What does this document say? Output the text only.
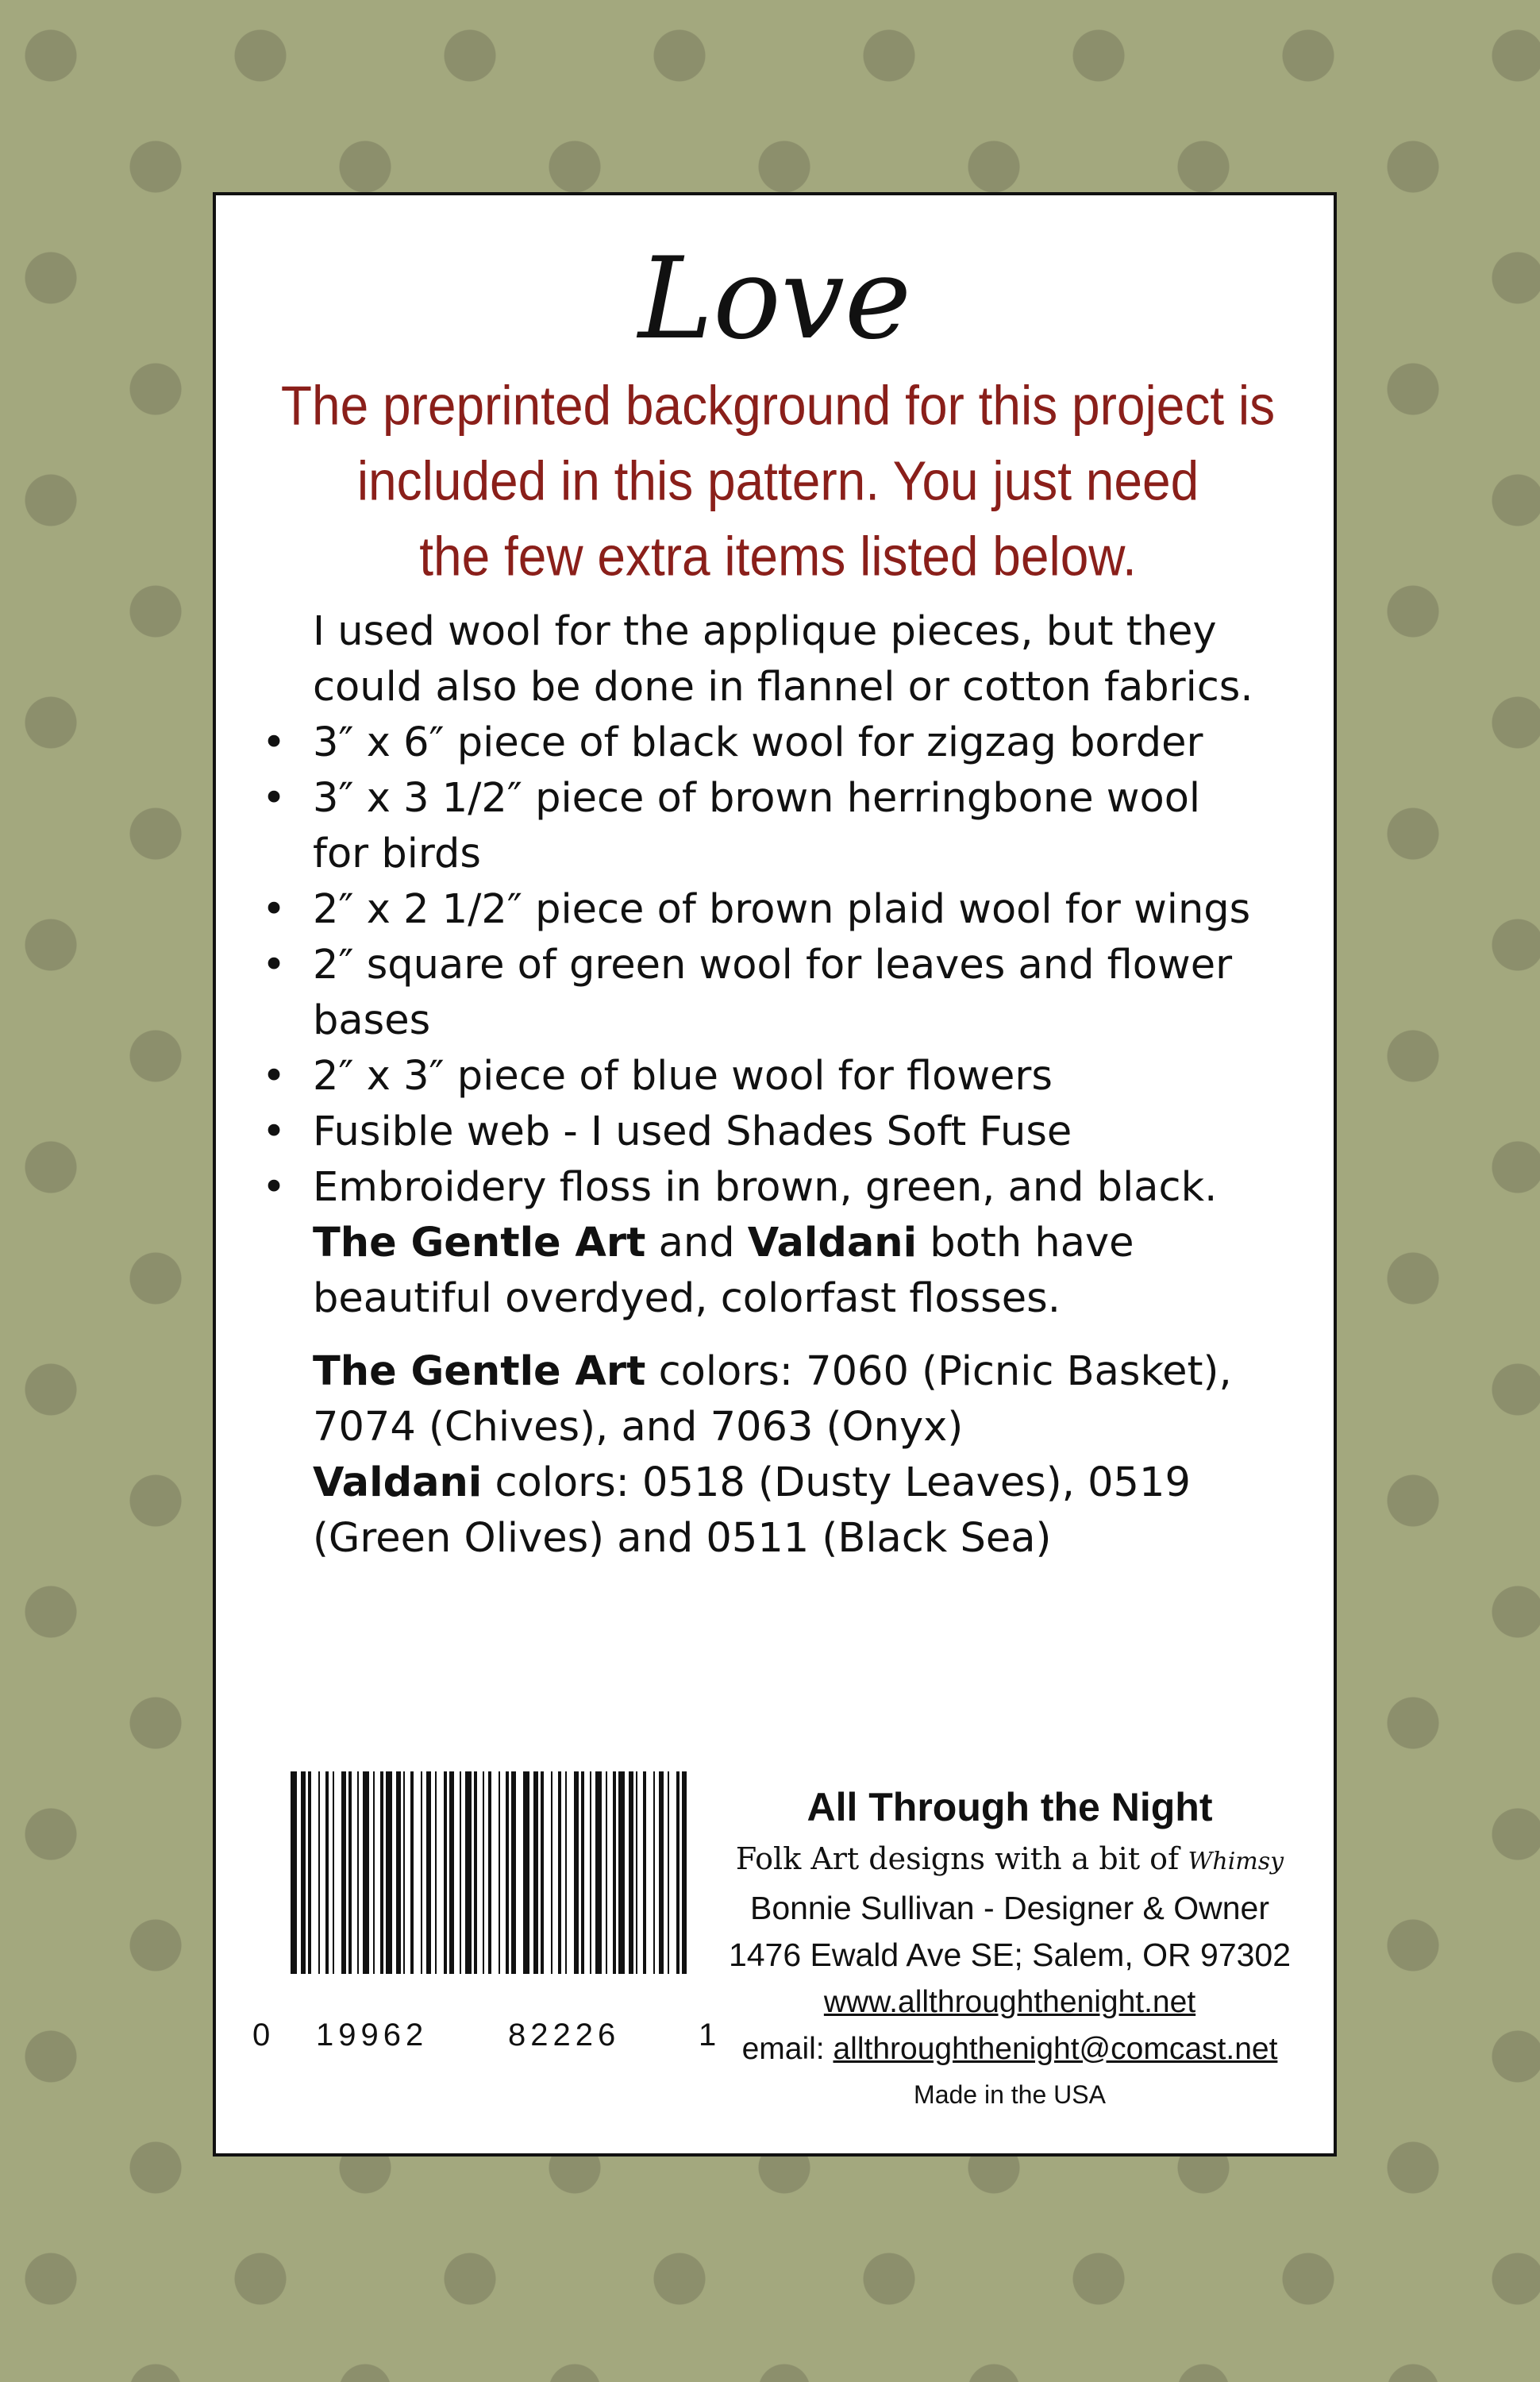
Love
The preprinted background for this project is
included in this pattern. You just need
the few extra items listed below.
I used wool for the applique pieces, but they
could also be done in flannel or cotton fabrics.
• 3″ x 6″ piece of black wool for zigzag border
• 3″ x 3 1/2″ piece of brown herringbone wool
for birds
• 2″ x 2 1/2″ piece of brown plaid wool for wings
• 2″ square of green wool for leaves and flower
bases
• 2″ x 3″ piece of blue wool for flowers
• Fusible web - I used Shades Soft Fuse
• Embroidery floss in brown, green, and black.
The Gentle Art and Valdani both have
beautiful overdyed, colorfast flosses.
The Gentle Art colors: 7060 (Picnic Basket),
7074 (Chives), and 7063 (Onyx)
Valdani colors: 0518 (Dusty Leaves), 0519
(Green Olives) and 0511 (Black Sea)
0 19962	82226 1
All Through the Night
Folk Art designs with a bit of Whimsy
Bonnie Sullivan - Designer & Owner
1476 Ewald Ave SE; Salem, OR 97302
www.allthroughthenight.net
email: allthroughthenight@comcast.net
Made in the USA
